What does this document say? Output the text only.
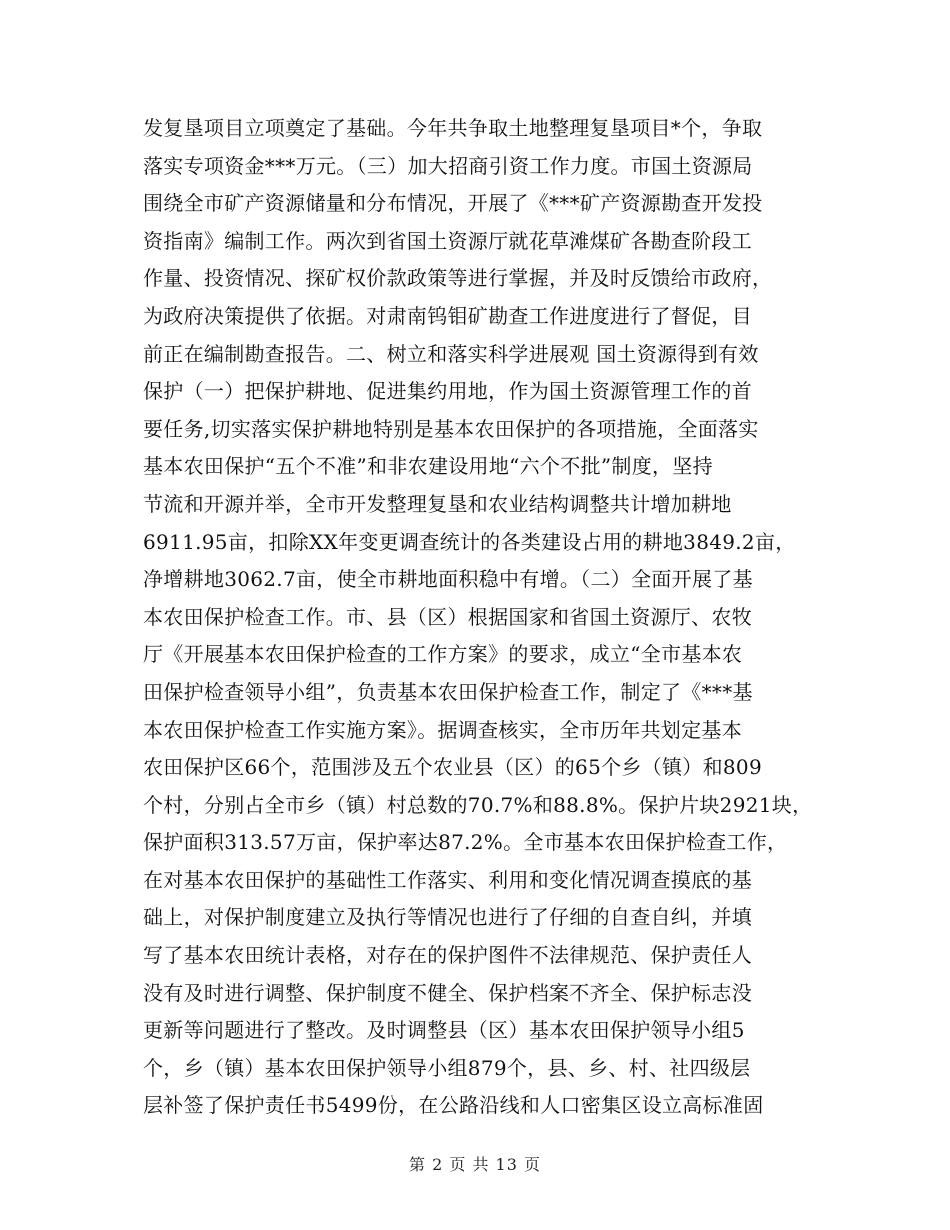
发复垦项目立项奠定了基础。今年共争取土地整理复垦项目*个，争取
落实专项资金***万元。（三）加大招商引资工作力度。市国土资源局
围绕全市矿产资源储量和分布情况，开展了《***矿产资源勘查开发投
资指南》编制工作。两次到省国土资源厅就花草滩煤矿各勘查阶段工
作量、投资情况、探矿权价款政策等进行掌握，并及时反馈给市政府，
为政府决策提供了依据。对肃南钨钼矿勘查工作进度进行了督促，目
前正在编制勘查报告。二、树立和落实科学进展观 国土资源得到有效
保护（一）把保护耕地、促进集约用地，作为国土资源管理工作的首
要任务,切实落实保护耕地特别是基本农田保护的各项措施，全面落实
基本农田保护“五个不准”和非农建设用地“六个不批”制度，坚持
节流和开源并举，全市开发整理复垦和农业结构调整共计增加耕地
6911.95亩，扣除XX年变更调查统计的各类建设占用的耕地3849.2亩，
净增耕地3062.7亩，使全市耕地面积稳中有增。（二）全面开展了基
本农田保护检查工作。市、县（区）根据国家和省国土资源厅、农牧
厅《开展基本农田保护检查的工作方案》的要求，成立“全市基本农
田保护检查领导小组”，负责基本农田保护检查工作，制定了《***基
本农田保护检查工作实施方案》。据调查核实，全市历年共划定基本
农田保护区66个，范围涉及五个农业县（区）的65个乡（镇）和809
个村，分别占全市乡（镇）村总数的70.7%和88.8%。保护片块2921块，
保护面积313.57万亩，保护率达87.2%。全市基本农田保护检查工作，
在对基本农田保护的基础性工作落实、利用和变化情况调查摸底的基
础上，对保护制度建立及执行等情况也进行了仔细的自查自纠，并填
写了基本农田统计表格，对存在的保护图件不法律规范、保护责任人
没有及时进行调整、保护制度不健全、保护档案不齐全、保护标志没
更新等问题进行了整改。及时调整县（区）基本农田保护领导小组5
个，乡（镇）基本农田保护领导小组879个，县、乡、村、社四级层
层补签了保护责任书5499份，在公路沿线和人口密集区设立高标准固
第 2 页 共 13 页
